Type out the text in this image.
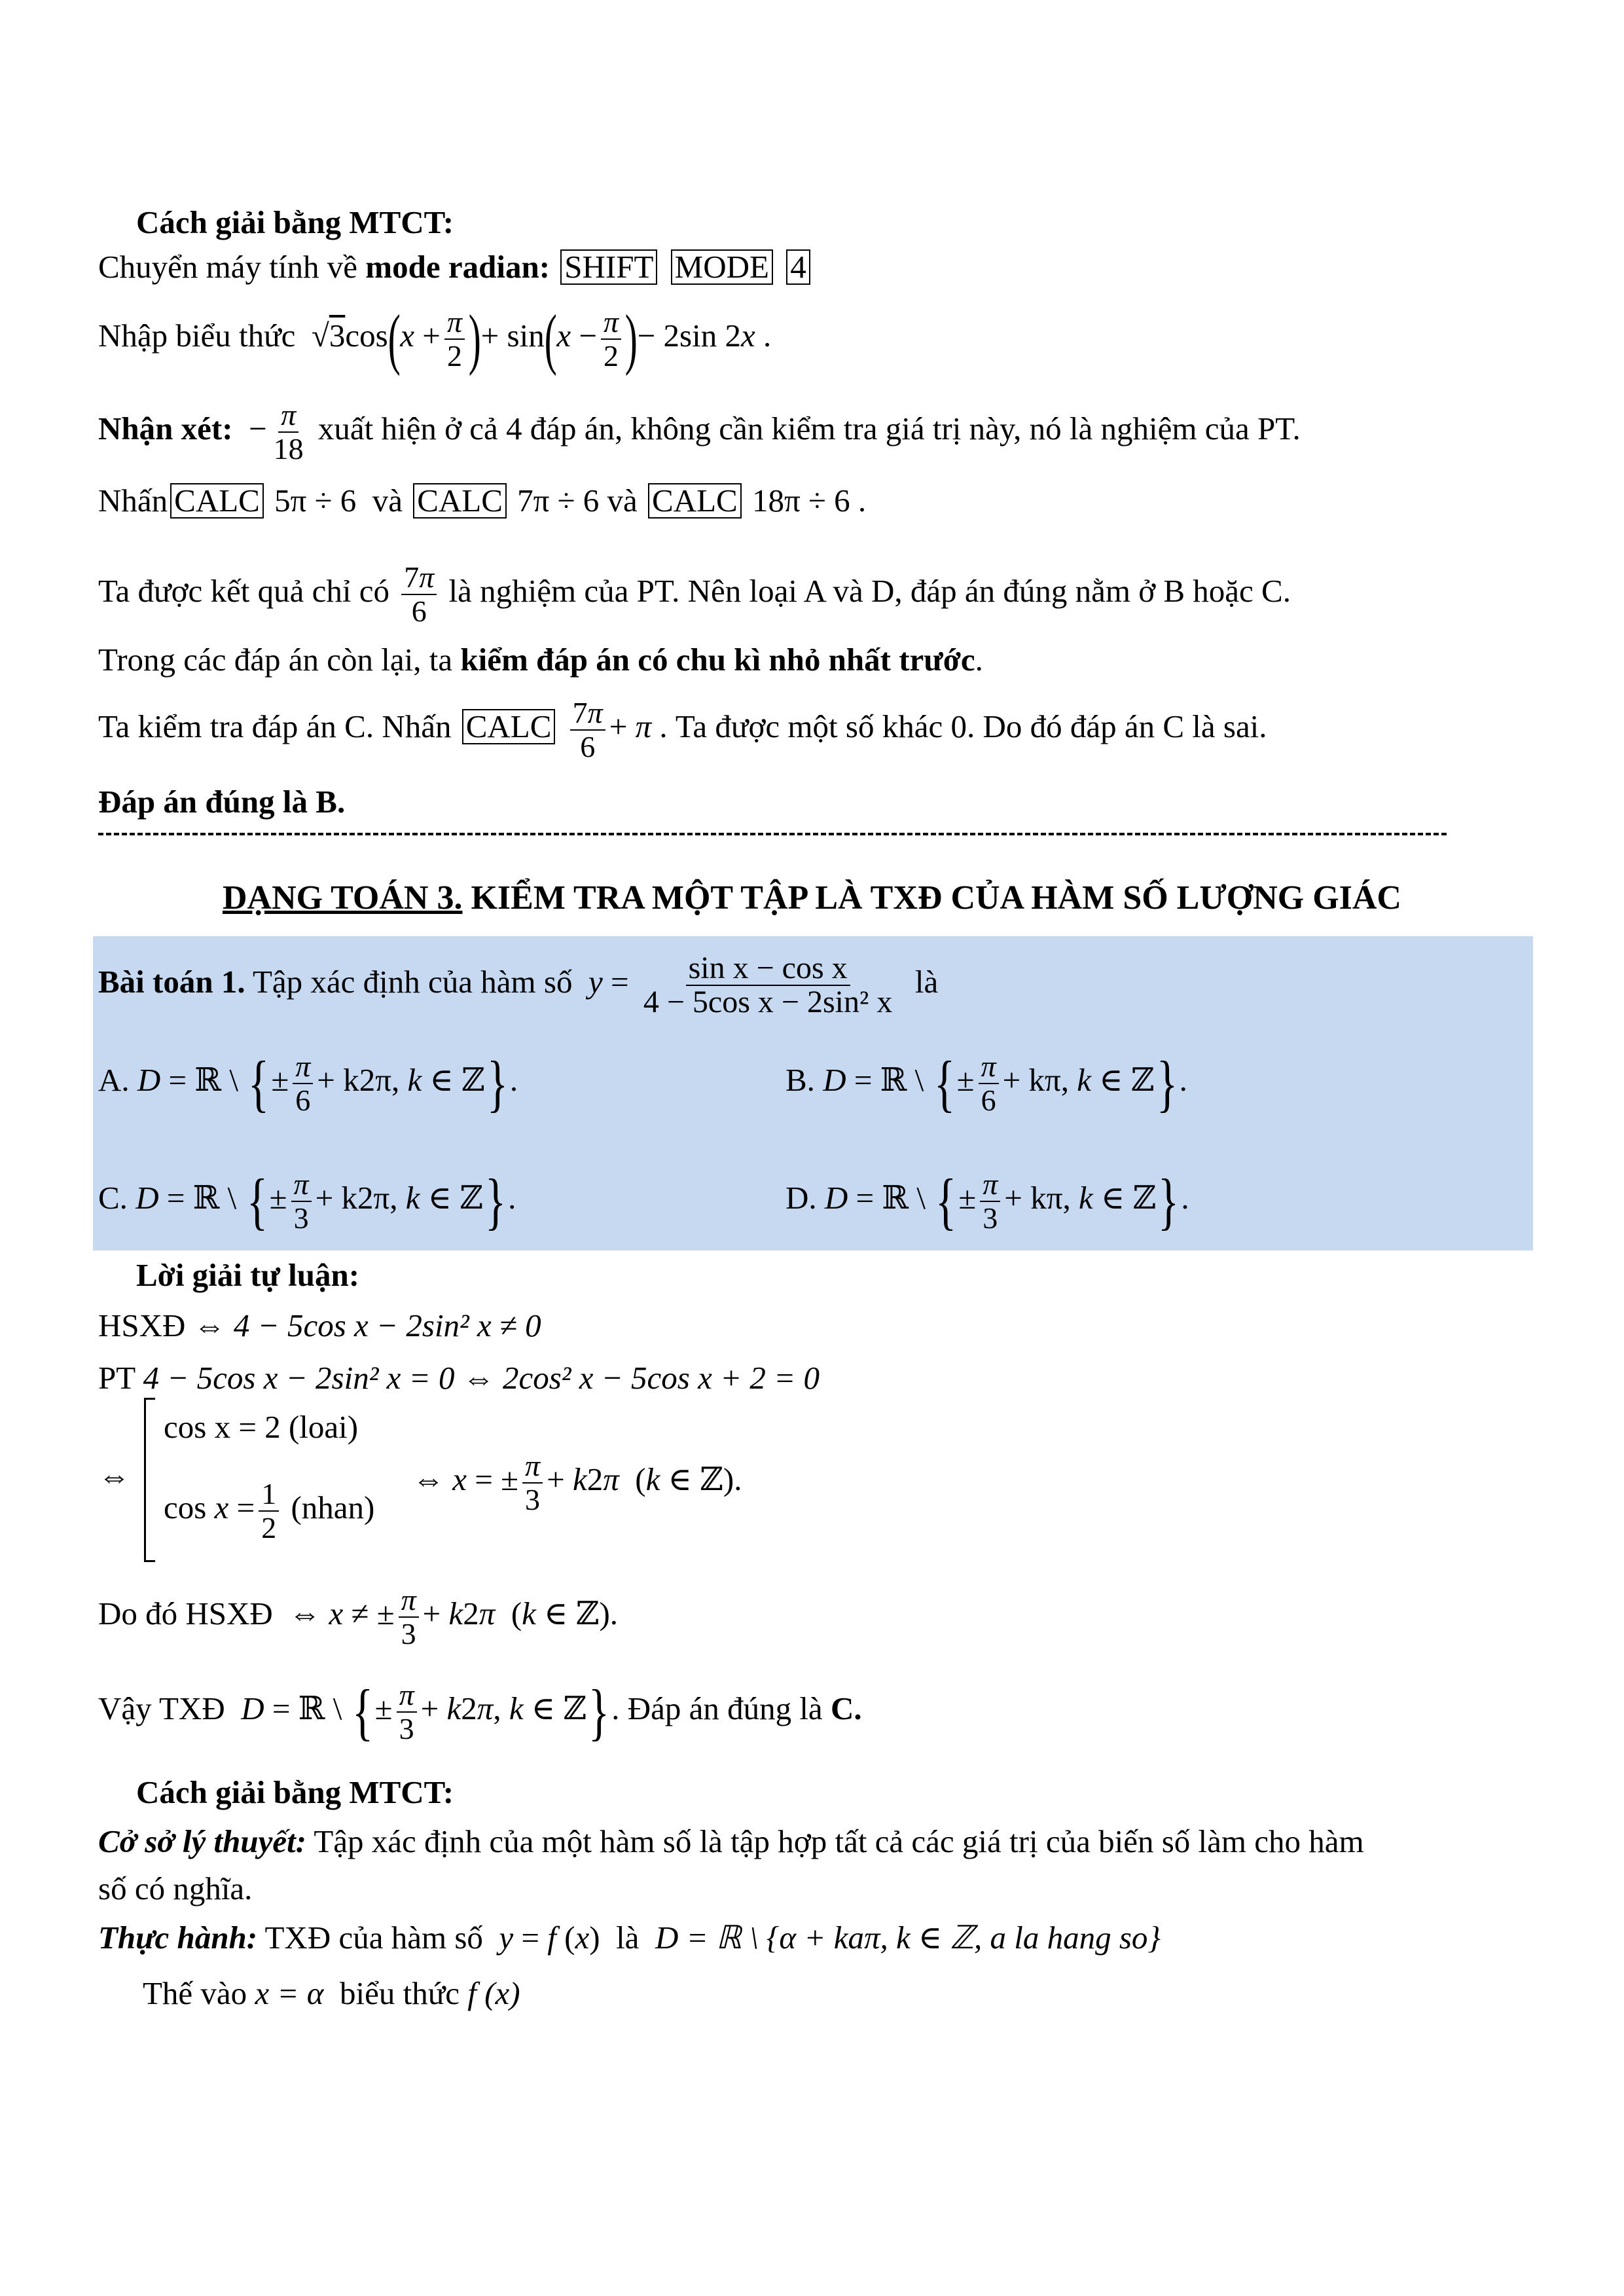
Cách giải bằng MTCT:
Chuyển máy tính về mode radian: SHIFT MODE 4
Nhập biểu thức  $√3\cos(x + \frac{\pi}{2}$ )+ $\sin(x - \frac{\pi}{2}$ )− 2sin 2x .
Nhận xét:  − $\frac{\pi}{18}$ xuất hiện ở cả 4 đáp án, không cần kiểm tra giá trị này, nó là nghiệm của PT.
Nhấn CALC 5π ÷ 6 và CALC 7π ÷ 6 và CALC 18π ÷ 6 .
Ta được kết quả chỉ có $\frac{7\pi}{6}$ là nghiệm của PT. Nên loại A và D, đáp án đúng nằm ở B hoặc C.
Trong các đáp án còn lại, ta kiểm đáp án có chu kì nhỏ nhất trước.
Ta kiểm tra đáp án C. Nhấn CALC $\frac{7\pi}{6} + \pi$ . Ta được một số khác 0. Do đó đáp án C là sai.
Đáp án đúng là B.
DẠNG TOÁN 3. KIỂM TRA MỘT TẬP LÀ TXĐ CỦA HÀM SỐ LƯỢNG GIÁC
Bài toán 1. Tập xác định của hàm số $y = \frac{\text{sin x − cos x}}{\text{4 − 5cos x − 2sin² x}}$ là
A. D = ℝ \ {± $\frac{\pi}{6} + k2\pi$, k ∈ ℤ}.	B. D = ℝ \ {± $\frac{\pi}{6} + k\pi$, k ∈ ℤ}.
C. D = ℝ \ {± $\frac{\pi}{3} + k2\pi$, k ∈ ℤ}.	D. D = ℝ \ {± $\frac{\pi}{3} + k\pi$, k ∈ ℤ}.
Lời giải tự luận:
HSXĐ ⇔ 4 − 5cos x − 2sin² x ≠ 0
PT 4 − 5cos x − 2sin² x = 0 ⇔ 2cos² x − 5cos x + 2 = 0
⇔
cos x = 2 (loai)
$\cos x = \frac{1}{2}$ (nhan)
⇔ x = ± $\frac{\pi}{3} + k2\pi$  (k ∈ ℤ).
Do đó HSXĐ  ⇔ x ≠ ± $\frac{\pi}{3} + k2\pi$  (k ∈ ℤ).
Vậy TXĐ D = ℝ \ {± $\frac{\pi}{3} + k2\pi$, k ∈ ℤ}. Đáp án đúng là C.
Cách giải bằng MTCT:
Cở sở lý thuyết: Tập xác định của một hàm số là tập hợp tất cả các giá trị của biến số làm cho hàm
số có nghĩa.
Thực hành: TXĐ của hàm số y = f (x)  là D = ℝ \ {α + kaπ, k ∈ ℤ, a la hang so}
Thế vào x = α biểu thức f (x)
